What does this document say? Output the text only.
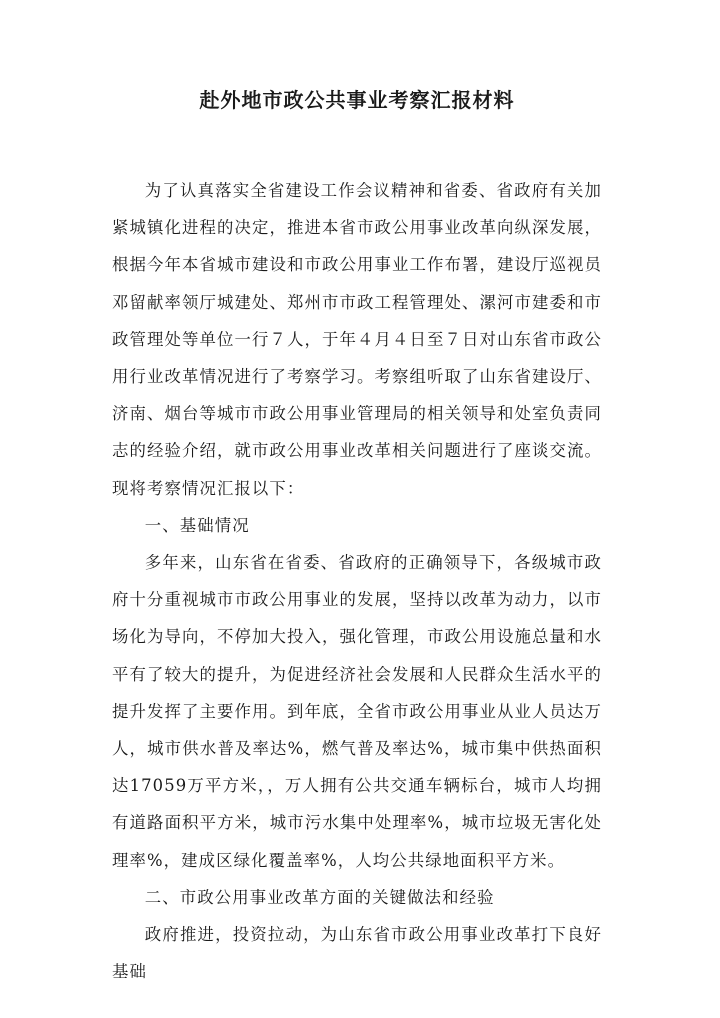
赴外地市政公共事业考察汇报材料

为了认真落实全省建设工作会议精神和省委、省政府有关加紧城镇化进程的决定，推进本省市政公用事业改革向纵深发展，根据今年本省城市建设和市政公用事业工作布署，建设厅巡视员邓留献率领厅城建处、郑州市市政工程管理处、漯河市建委和市政管理处等单位一行７人，于年４月４日至７日对山东省市政公用行业改革情况进行了考察学习。考察组听取了山东省建设厅、济南、烟台等城市市政公用事业管理局的相关领导和处室负责同志的经验介绍，就市政公用事业改革相关问题进行了座谈交流。现将考察情况汇报以下：

一、基础情况

多年来，山东省在省委、省政府的正确领导下，各级城市政府十分重视城市市政公用事业的发展，坚持以改革为动力，以市场化为导向，不停加大投入，强化管理，市政公用设施总量和水平有了较大的提升，为促进经济社会发展和人民群众生活水平的提升发挥了主要作用。到年底，全省市政公用事业从业人员达万人，城市供水普及率达%，燃气普及率达%，城市集中供热面积达17059万平方米，，万人拥有公共交通车辆标台，城市人均拥有道路面积平方米，城市污水集中处理率%，城市垃圾无害化处理率%，建成区绿化覆盖率%，人均公共绿地面积平方米。

二、市政公用事业改革方面的关键做法和经验

政府推进，投资拉动，为山东省市政公用事业改革打下良好基础
